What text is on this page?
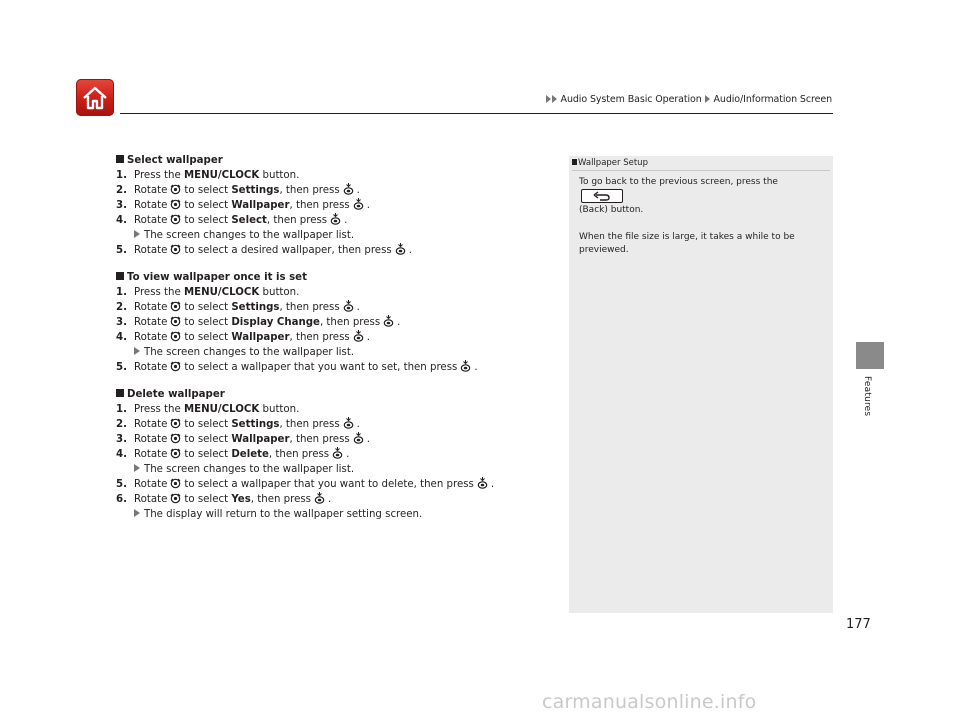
Audio System Basic Operation Audio/Information Screen
Features
Select wallpaper
1. Press the MENU/CLOCK button.
2. Rotate to select Settings, then press .
3. Rotate to select Wallpaper, then press .
4. Rotate to select Select, then press .
The screen changes to the wallpaper list.
5. Rotate to select a desired wallpaper, then press .
To view wallpaper once it is set
1. Press the MENU/CLOCK button.
2. Rotate to select Settings, then press .
3. Rotate to select Display Change, then press .
4. Rotate to select Wallpaper, then press .
The screen changes to the wallpaper list.
5. Rotate to select a wallpaper that you want to set, then press .
Delete wallpaper
1. Press the MENU/CLOCK button.
2. Rotate to select Settings, then press .
3. Rotate to select Wallpaper, then press .
4. Rotate to select Delete, then press .
The screen changes to the wallpaper list.
5. Rotate to select a wallpaper that you want to delete, then press .
6. Rotate to select Yes, then press .
The display will return to the wallpaper setting screen.
Wallpaper Setup

To go back to the previous screen, press the
(Back) button.

When the file size is large, it takes a while to be previewed.

177
carmanualsonline.info
